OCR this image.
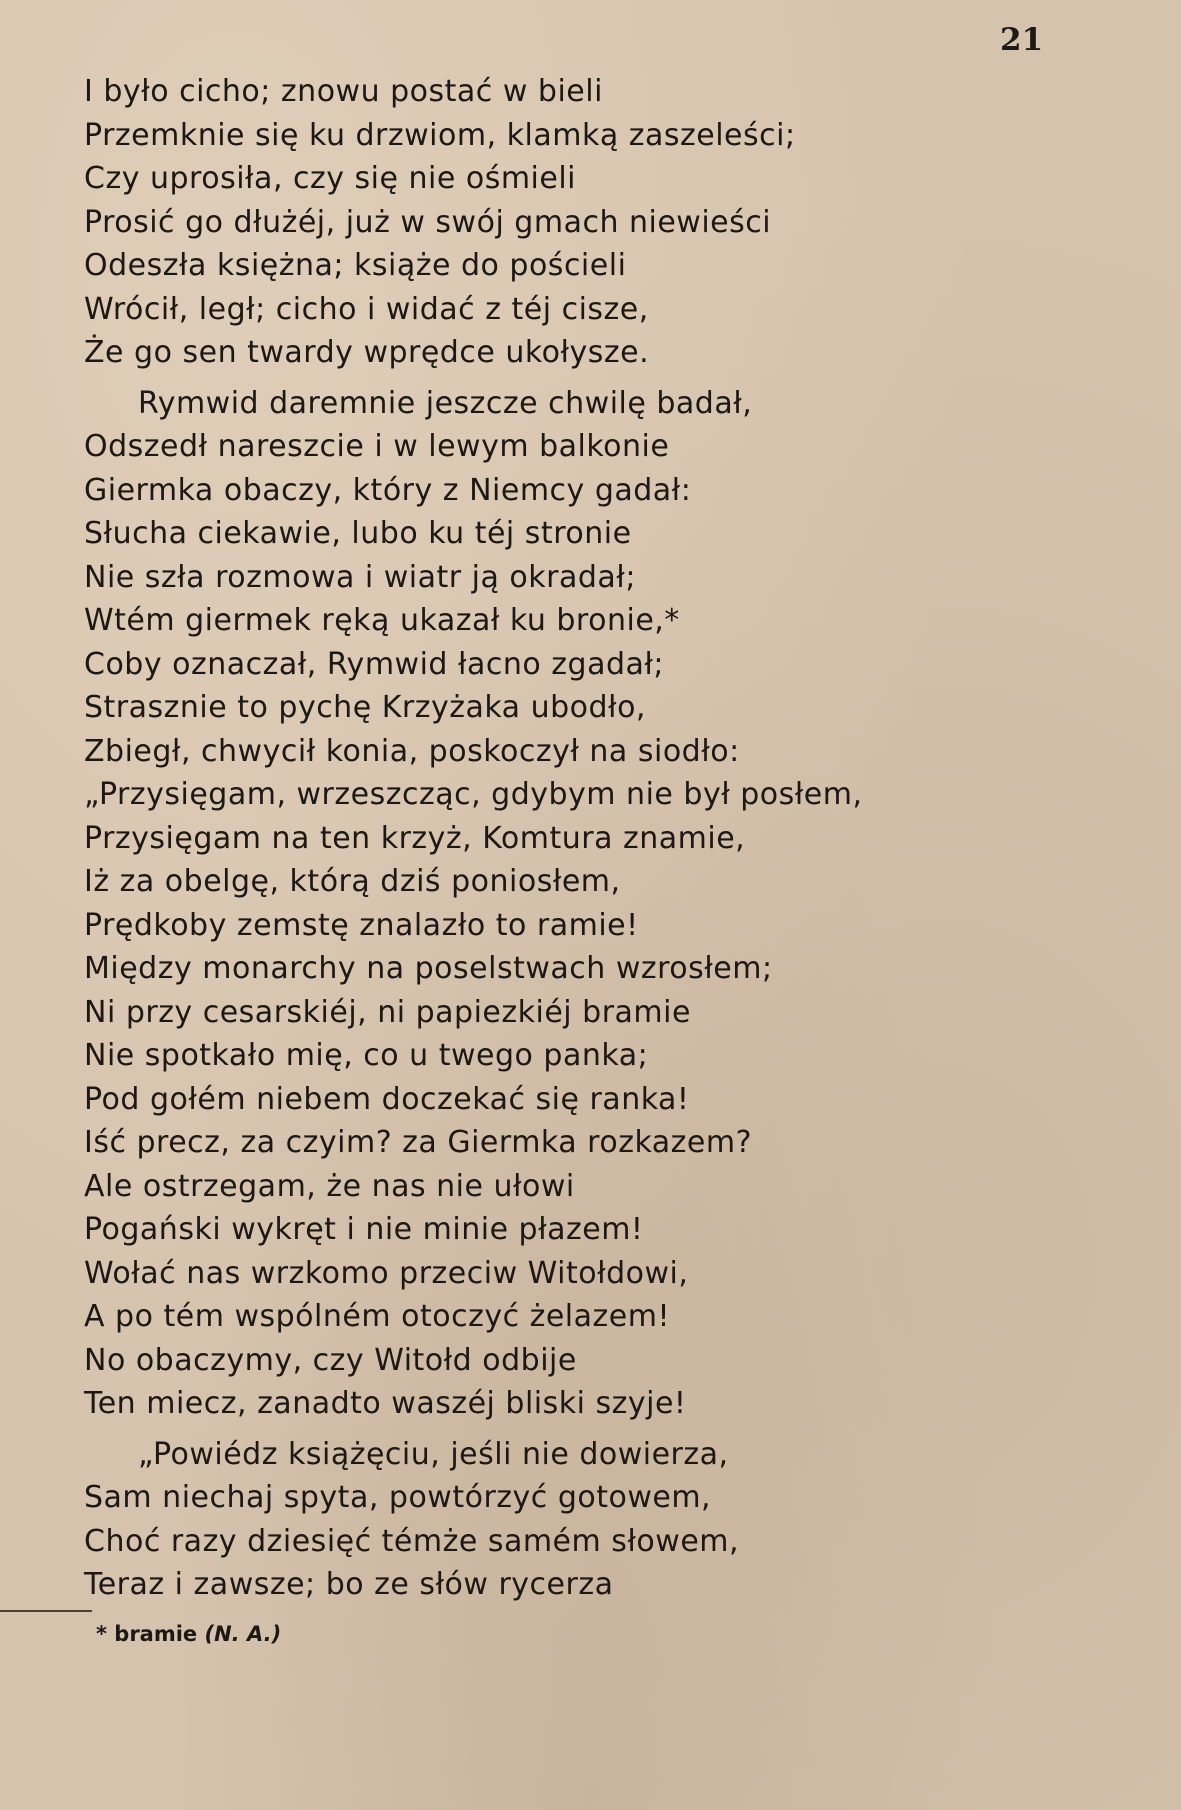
21
I było cicho; znowu postać w bieli
Przemknie się ku drzwiom, klamką zaszeleści;
Czy uprosiła, czy się nie ośmieli
Prosić go dłużéj, już w swój gmach niewieści
Odeszła księżna; książe do pościeli
Wrócił, legł; cicho i widać z téj cisze,
Że go sen twardy wprędce ukołysze.
Rymwid daremnie jeszcze chwilę badał,
Odszedł nareszcie i w lewym balkonie
Giermka obaczy, który z Niemcy gadał:
Słucha ciekawie, lubo ku téj stronie
Nie szła rozmowa i wiatr ją okradał;
Wtém giermek ręką ukazał ku bronie,*
Coby oznaczał, Rymwid łacno zgadał;
Strasznie to pychę Krzyżaka ubodło,
Zbiegł, chwycił konia, poskoczył na siodło:
„Przysięgam, wrzeszcząc, gdybym nie był posłem,
Przysięgam na ten krzyż, Komtura znamie,
Iż za obelgę, którą dziś poniosłem,
Prędkoby zemstę znalazło to ramie!
Między monarchy na poselstwach wzrosłem;
Ni przy cesarskiéj, ni papiezkiéj bramie
Nie spotkało mię, co u twego panka;
Pod gołém niebem doczekać się ranka!
Iść precz, za czyim? za Giermka rozkazem?
Ale ostrzegam, że nas nie ułowi
Pogański wykręt i nie minie płazem!
Wołać nas wrzkomo przeciw Witołdowi,
A po tém wspólném otoczyć żelazem!
No obaczymy, czy Witołd odbije
Ten miecz, zanadto waszéj bliski szyje!
„Powiédz książęciu, jeśli nie dowierza,
Sam niechaj spyta, powtórzyć gotowem,
Choć razy dziesięć témże samém słowem,
Teraz i zawsze; bo ze słów rycerza
* bramie (N. A.)
